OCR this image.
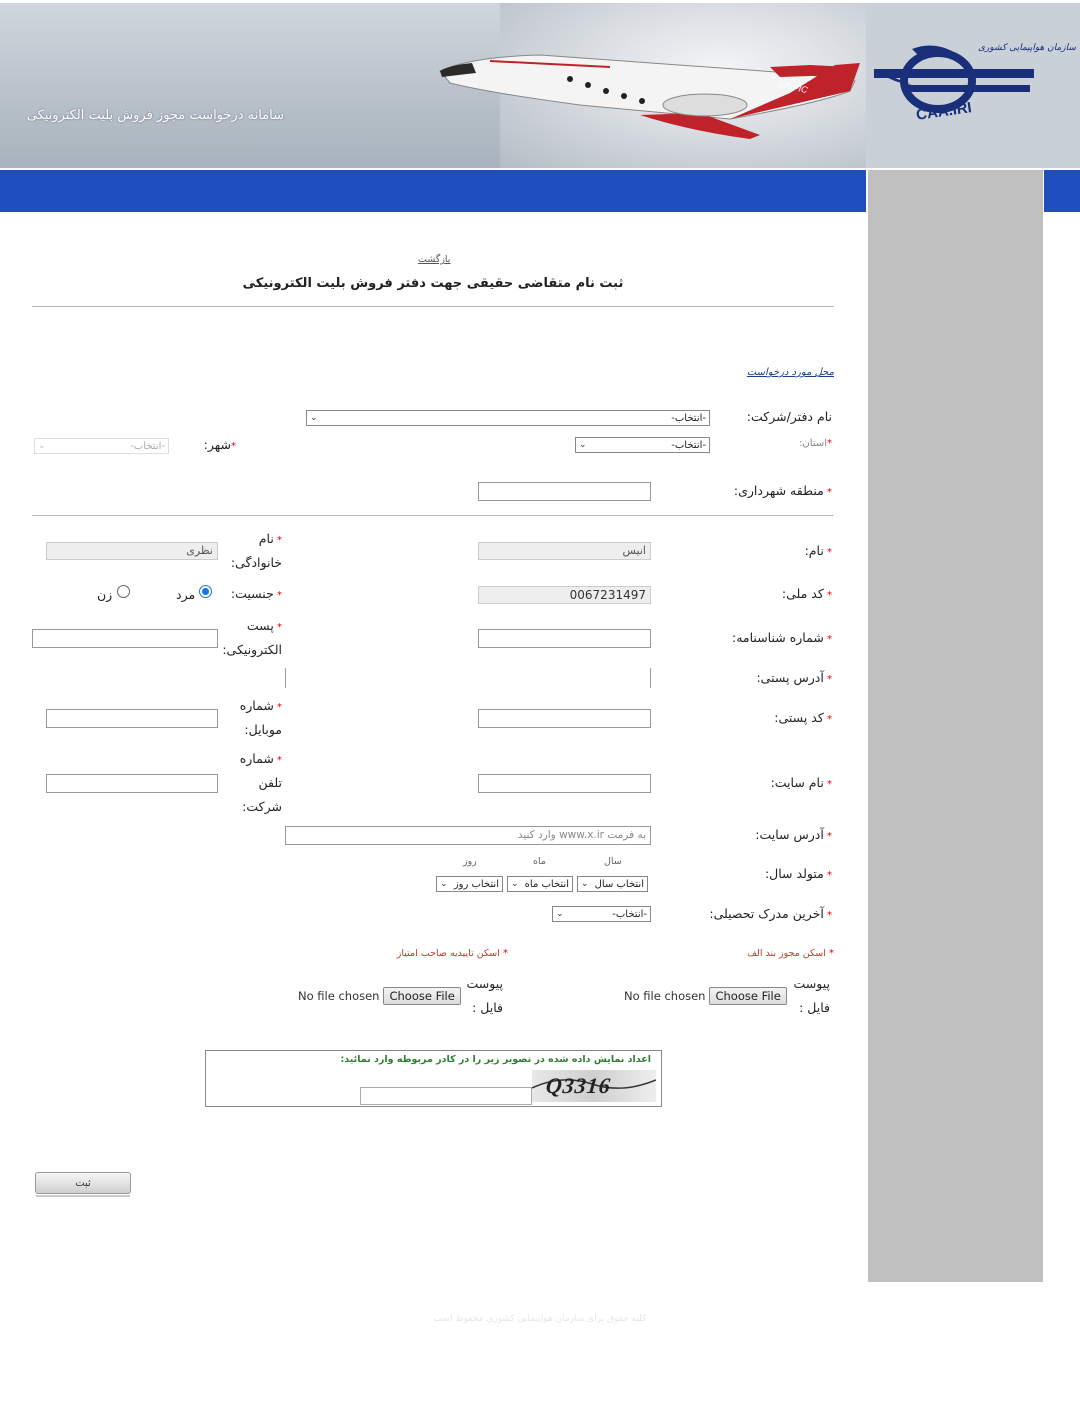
EP-FIC
سامانه درخواست مجوز فروش بلیت الکترونیکی
سازمان هواپیمایی کشوری
CAA.IRI
بازگشت
ثبت نام متقاضی حقیقی جهت دفتر فروش بلیت الکترونیکی
محل مورد درخواست
نام دفتر/شرکت:
-انتخاب-
⌄
*استان:
-انتخاب-
⌄
*شهر:
-انتخاب-
⌄
* منطقه شهرداری:
* نام:
انیس
* نام
خانوادگی:
نظری
* کد ملی:
0067231497
* جنسیت:
مرد
زن
* شماره شناسنامه:
* پست
الکترونیکی:
* آدرس پستی:
* کد پستی:
* شماره
موبایل:
* نام سایت:
* شماره
تلفن
شرکت:
* آدرس سایت:
به فرمت www.x.ir وارد کنید
سال
ماه
روز
* متولد سال:
انتخاب سال
⌄
انتخاب ماه
⌄
انتخاب روز
⌄
* آخرین مدرک تحصیلی:
-انتخاب-
⌄
* اسکن مجوز بند الف
* اسکن تاییدیه صاحب امتیاز
پیوست
فایل :
No file chosen Choose File
پیوست
فایل :
No file chosen Choose File
اعداد نمایش داده شده در تصویر زیر را در کادر مربوطه وارد نمائید:
Q3316
ثبت
کلیه حقوق برای سازمان هواپیمایی کشوری محفوظ است
